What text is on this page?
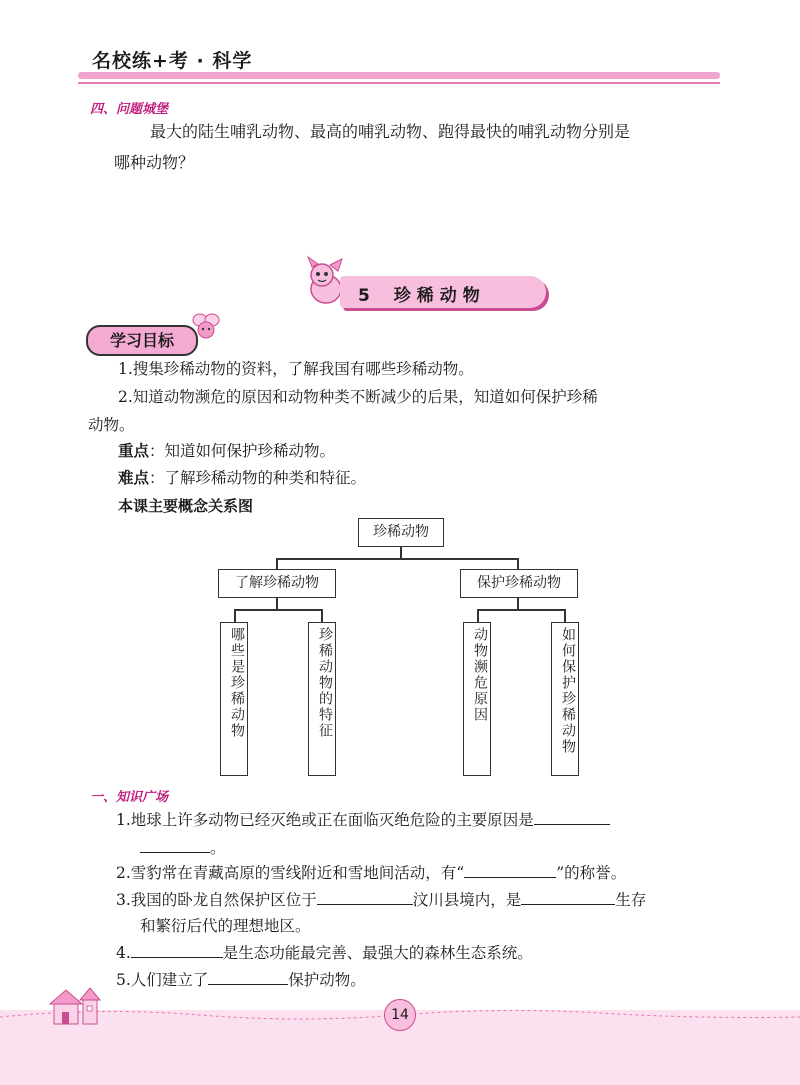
名校练+考 · 科学
四、问题城堡
最大的陆生哺乳动物、最高的哺乳动物、跑得最快的哺乳动物分别是
哪种动物？
5 珍稀动物
学习目标
1.搜集珍稀动物的资料，了解我国有哪些珍稀动物。
2.知道动物濒危的原因和动物种类不断减少的后果，知道如何保护珍稀
动物。
重点：知道如何保护珍稀动物。
难点：了解珍稀动物的种类和特征。
本课主要概念关系图
珍稀动物
了解珍稀动物	保护珍稀动物
哪些是珍稀动物	珍稀动物的特征	动物濒危原因	如何保护珍稀动物
一、知识广场
1.地球上许多动物已经灭绝或正在面临灭绝危险的主要原因是
。
2.雪豹常在青藏高原的雪线附近和雪地间活动，有“	”的称誉。
3.我国的卧龙自然保护区位于	汶川县境内，是	生存
和繁衍后代的理想地区。
4.	是生态功能最完善、最强大的森林生态系统。
5.人们建立了	保护动物。
14
